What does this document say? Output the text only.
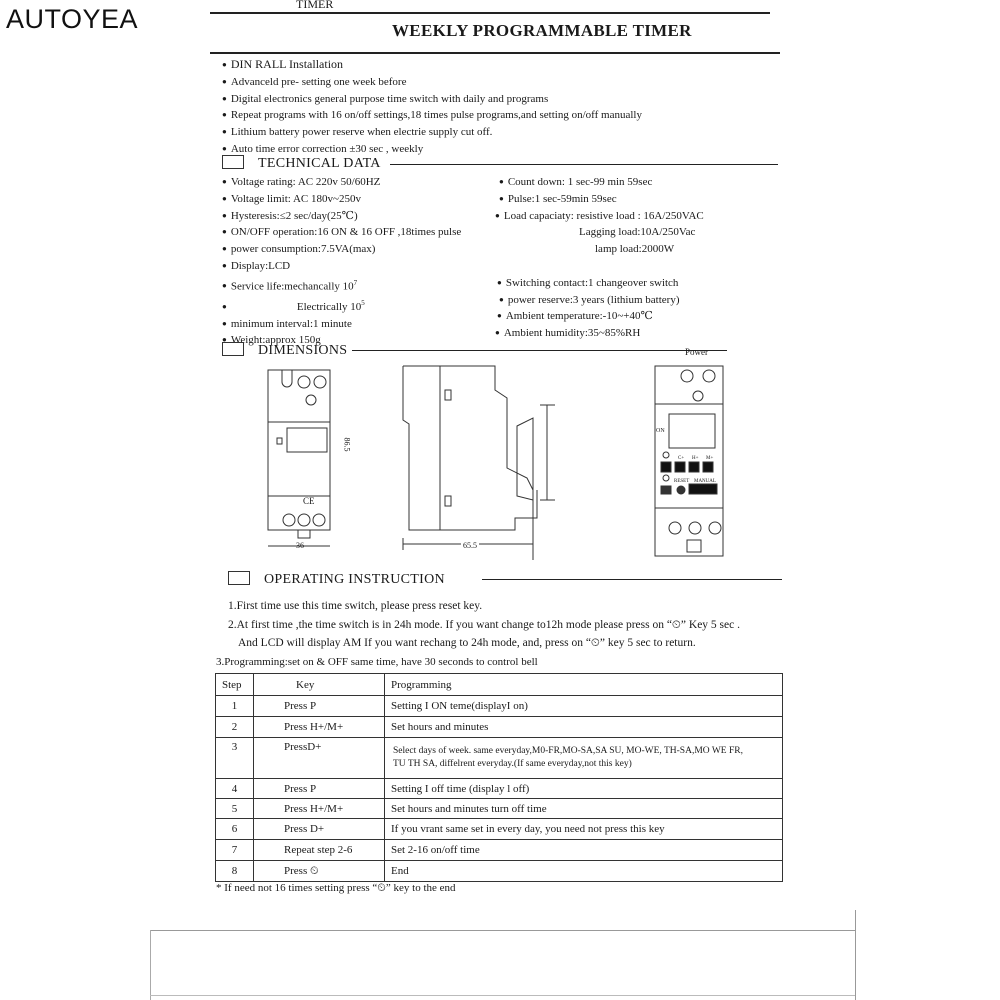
AUTOYEA	TIMER
WEEKLY PROGRAMMABLE TIMER
● DIN RALL Installation
● Advanceld pre- setting one week before
● Digital electronics general purpose time switch with daily and programs
● Repeat programs with 16 on/off settings,18 times pulse programs,and setting on/off manually
● Lithium battery power reserve when electrie supply cut off.
● Auto time error correction ±30 sec , weekly
TECHNICAL DATA
● Voltage rating: AC 220v 50/60HZ
● Voltage limit: AC 180v~250v
● Hysteresis:≤2 sec/day(25℃)
● ON/OFF operation:16 ON & 16 OFF ,18times pulse
● power consumption:7.5VA(max)
● Display:LCD
● Service life:mechancally $10^7$
● Electrically $10^5$
● minimum interval:1 minute
● Weight:approx 150g
● Count down: 1 sec-99 min 59sec
● Pulse:1 sec-59min 59sec
● Load capaciaty: resistive load : 16A/250VAC
Lagging load:10A/250Vac
lamp load:2000W

● Switching contact:1 changeover switch
● power reserve:3 years (lithium battery)
● Ambient temperature:-10~+40℃
● Ambient humidity:35~85%RH
DIMENSIONS
CE
86.5
36	65.5
Power
ON
C+ H+ M+
RESET MANUAL
OPERATING INSTRUCTION
1.First time use this time switch, please press reset key.
2.At first time ,the time switch is in 24h mode. If you want change to12h mode please press on “⏲” Key 5 sec .
And LCD will display AM If you want rechang to 24h mode, and, press on “⏲” key 5 sec to return.
3.Programming:set on & OFF same time, have 30 seconds to control bell
Step	Key	Programming
1	Press P	Setting I ON teme(displayI on)
2	Press H+/M+	Set hours and minutes
3	PressD+	Select days of week. same everyday,M0-FR,MO-SA,SA SU, MO-WE, TH-SA,MO WE FR, TU TH SA, diffelrent everyday.(If same everyday,not this key)
4	Press P	Setting I off time (display l off)
5	Press H+/M+	Set hours and minutes turn off time
6	Press D+	If you vrant same set in every day, you need not press this key
7	Repeat step 2-6	Set 2-16 on/off time
8	Press ⏲	End
* If need not 16 times setting press “⏲” key to the end
